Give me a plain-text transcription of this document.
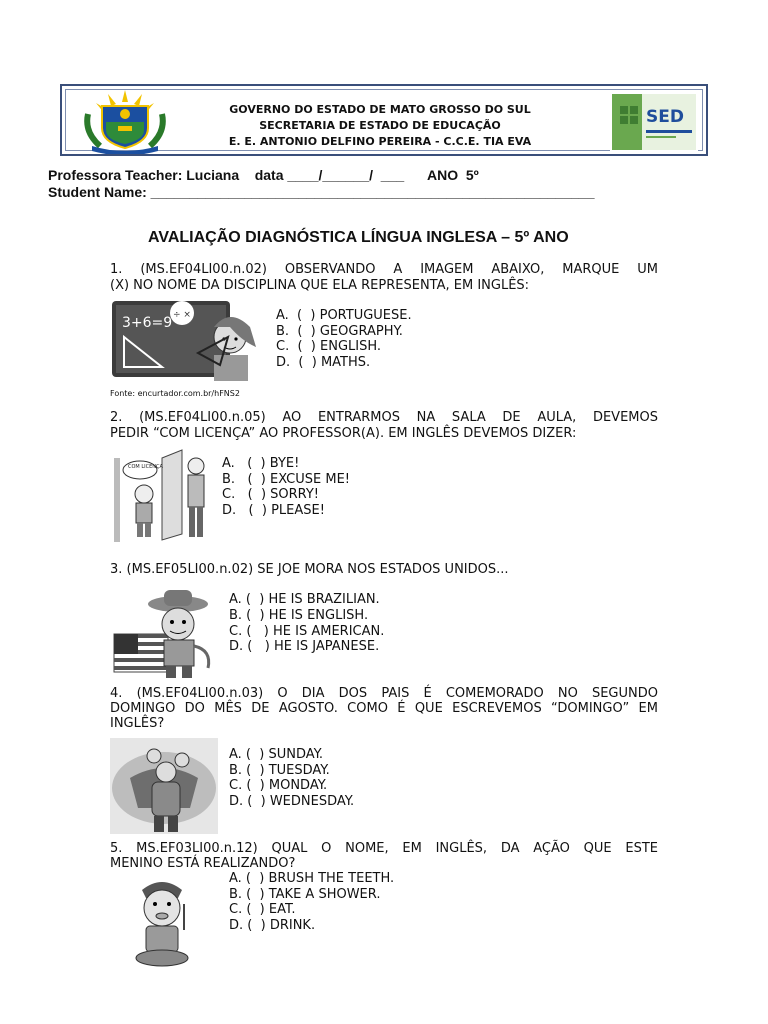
GOVERNO DO ESTADO DE MATO GROSSO DO SUL
SECRETARIA DE ESTADO DE EDUCAÇÃO
E. E. ANTONIO DELFINO PEREIRA - C.C.E. TIA EVA
SED
Professora Teacher: Luciana    data ____/______/  ___      ANO  5º
Student Name: _________________________________________________________
AVALIAÇÃO DIAGNÓSTICA LÍNGUA INGLESA – 5º ANO
1. (MS.EF04LI00.n.02) OBSERVANDO A IMAGEM ABAIXO, MARQUE UM
(X) NO NOME DA DISCIPLINA QUE ELA REPRESENTA, EM INGLÊS:
3+6=9 ÷ ×	A.  (  ) PORTUGUESE.
B.  (  ) GEOGRAPHY.
C.  (  ) ENGLISH.
D.  (  ) MATHS.
Fonte: encurtador.com.br/hFNS2
2. (MS.EF04LI00.n.05) AO ENTRARMOS NA SALA DE AULA, DEVEMOS
PEDIR “COM LICENÇA” AO PROFESSOR(A). EM INGLÊS DEVEMOS DIZER:
COM LICENÇA	A.   (  ) BYE!
B.   (  ) EXCUSE ME!
C.   (  ) SORRY!
D.   (  ) PLEASE!
3. (MS.EF05LI00.n.02) SE JOE MORA NOS ESTADOS UNIDOS...
A. (  ) HE IS BRAZILIAN.
B. (  ) HE IS ENGLISH.
C. (   ) HE IS AMERICAN.
D. (   ) HE IS JAPANESE.
4. (MS.EF04LI00.n.03) O DIA DOS PAIS É COMEMORADO NO SEGUNDO
DOMINGO DO MÊS DE AGOSTO. COMO É QUE ESCREVEMOS “DOMINGO” EM
INGLÊS?
A. (  ) SUNDAY.
B. (  ) TUESDAY.
C. (  ) MONDAY.
D. (  ) WEDNESDAY.
5. MS.EF03LI00.n.12) QUAL O NOME, EM INGLÊS, DA AÇÃO QUE ESTE
MENINO ESTÁ REALIZANDO?
A. (  ) BRUSH THE TEETH.
B. (  ) TAKE A SHOWER.
C. (  ) EAT.
D. (  ) DRINK.
